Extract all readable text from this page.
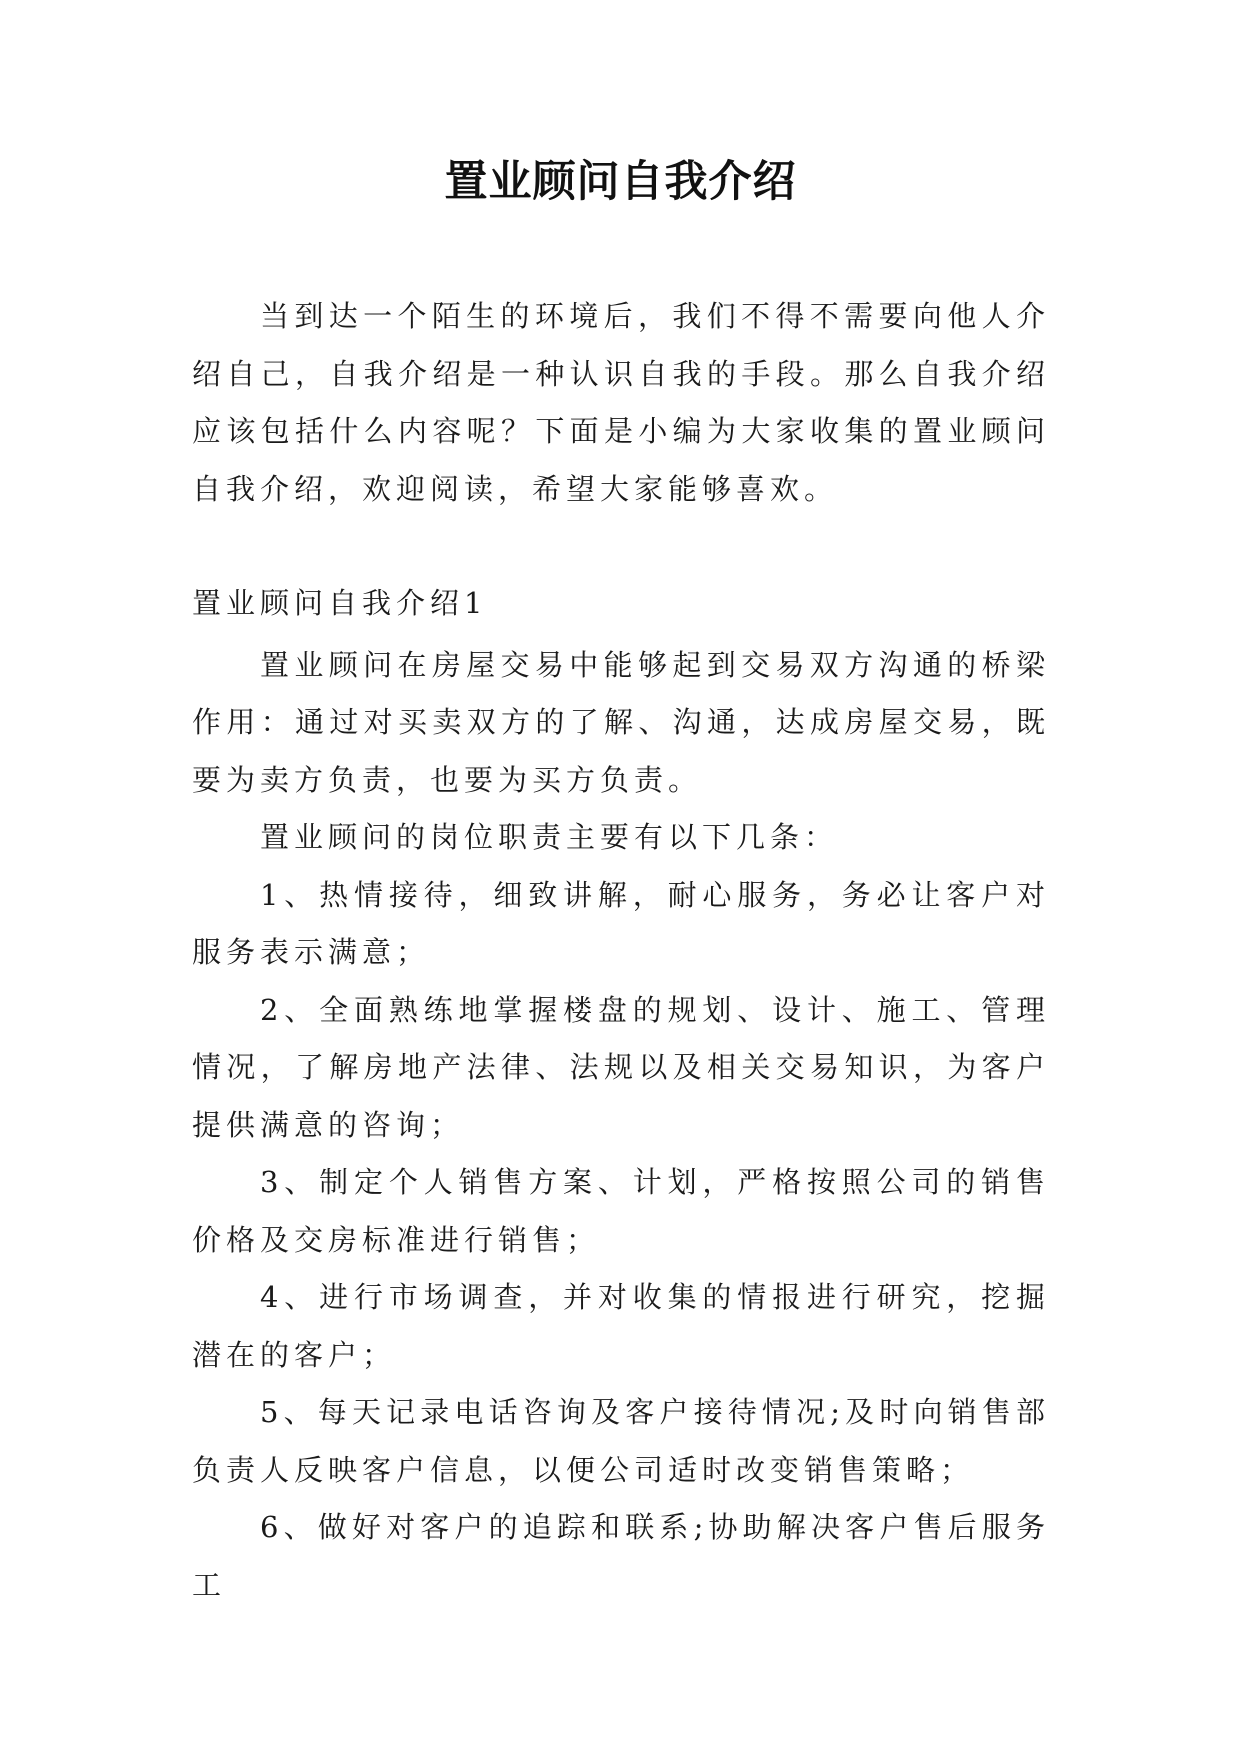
置业顾问自我介绍

当到达一个陌生的环境后，我们不得不需要向他人介绍自己，自我介绍是一种认识自我的手段。那么自我介绍应该包括什么内容呢？下面是小编为大家收集的置业顾问自我介绍，欢迎阅读，希望大家能够喜欢。

置业顾问自我介绍1

置业顾问在房屋交易中能够起到交易双方沟通的桥梁作用：通过对买卖双方的了解、沟通，达成房屋交易，既要为卖方负责，也要为买方负责。

置业顾问的岗位职责主要有以下几条：

1、热情接待，细致讲解，耐心服务，务必让客户对服务表示满意；

2、全面熟练地掌握楼盘的规划、设计、施工、管理情况，了解房地产法律、法规以及相关交易知识，为客户提供满意的咨询；

3、制定个人销售方案、计划，严格按照公司的销售价格及交房标准进行销售；

4、进行市场调查，并对收集的情报进行研究，挖掘潜在的客户；

5、每天记录电话咨询及客户接待情况;及时向销售部负责人反映客户信息，以便公司适时改变销售策略；

6、做好对客户的追踪和联系;协助解决客户售后服务工
